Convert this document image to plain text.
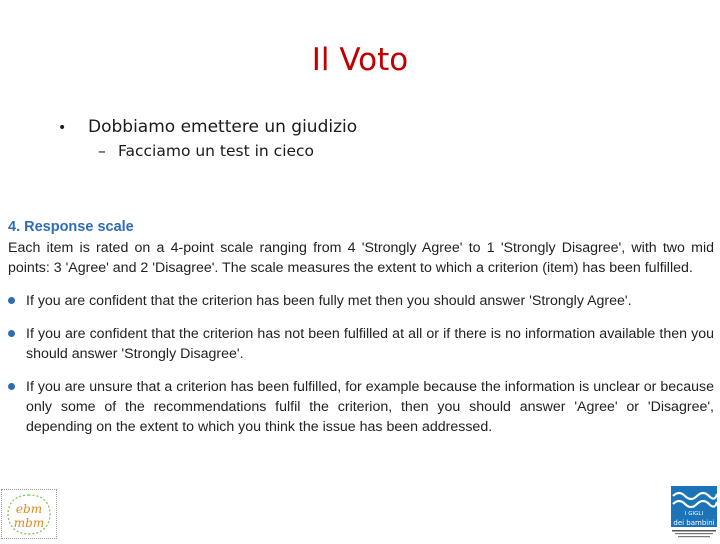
Il Voto
• Dobbiamo emettere un giudizio
– Facciamo un test in cieco
4. Response scale

Each item is rated on a 4-point scale ranging from 4 'Strongly Agree' to 1 'Strongly Disagree', with two mid points: 3 'Agree' and 2 'Disagree'. The scale measures the extent to which a criterion (item) has been fulfilled.

If you are confident that the criterion has been fully met then you should answer 'Strongly Agree'.
If you are confident that the criterion has not been fulfilled at all or if there is no information available then you should answer 'Strongly Disagree'.
If you are unsure that a criterion has been fulfilled, for example because the information is unclear or because only some of the recommendations fulfil the criterion, then you should answer 'Agree' or 'Disagree', depending on the extent to which you think the issue has been addressed.
ebm
mbm
I GIGLI
dei bambini
